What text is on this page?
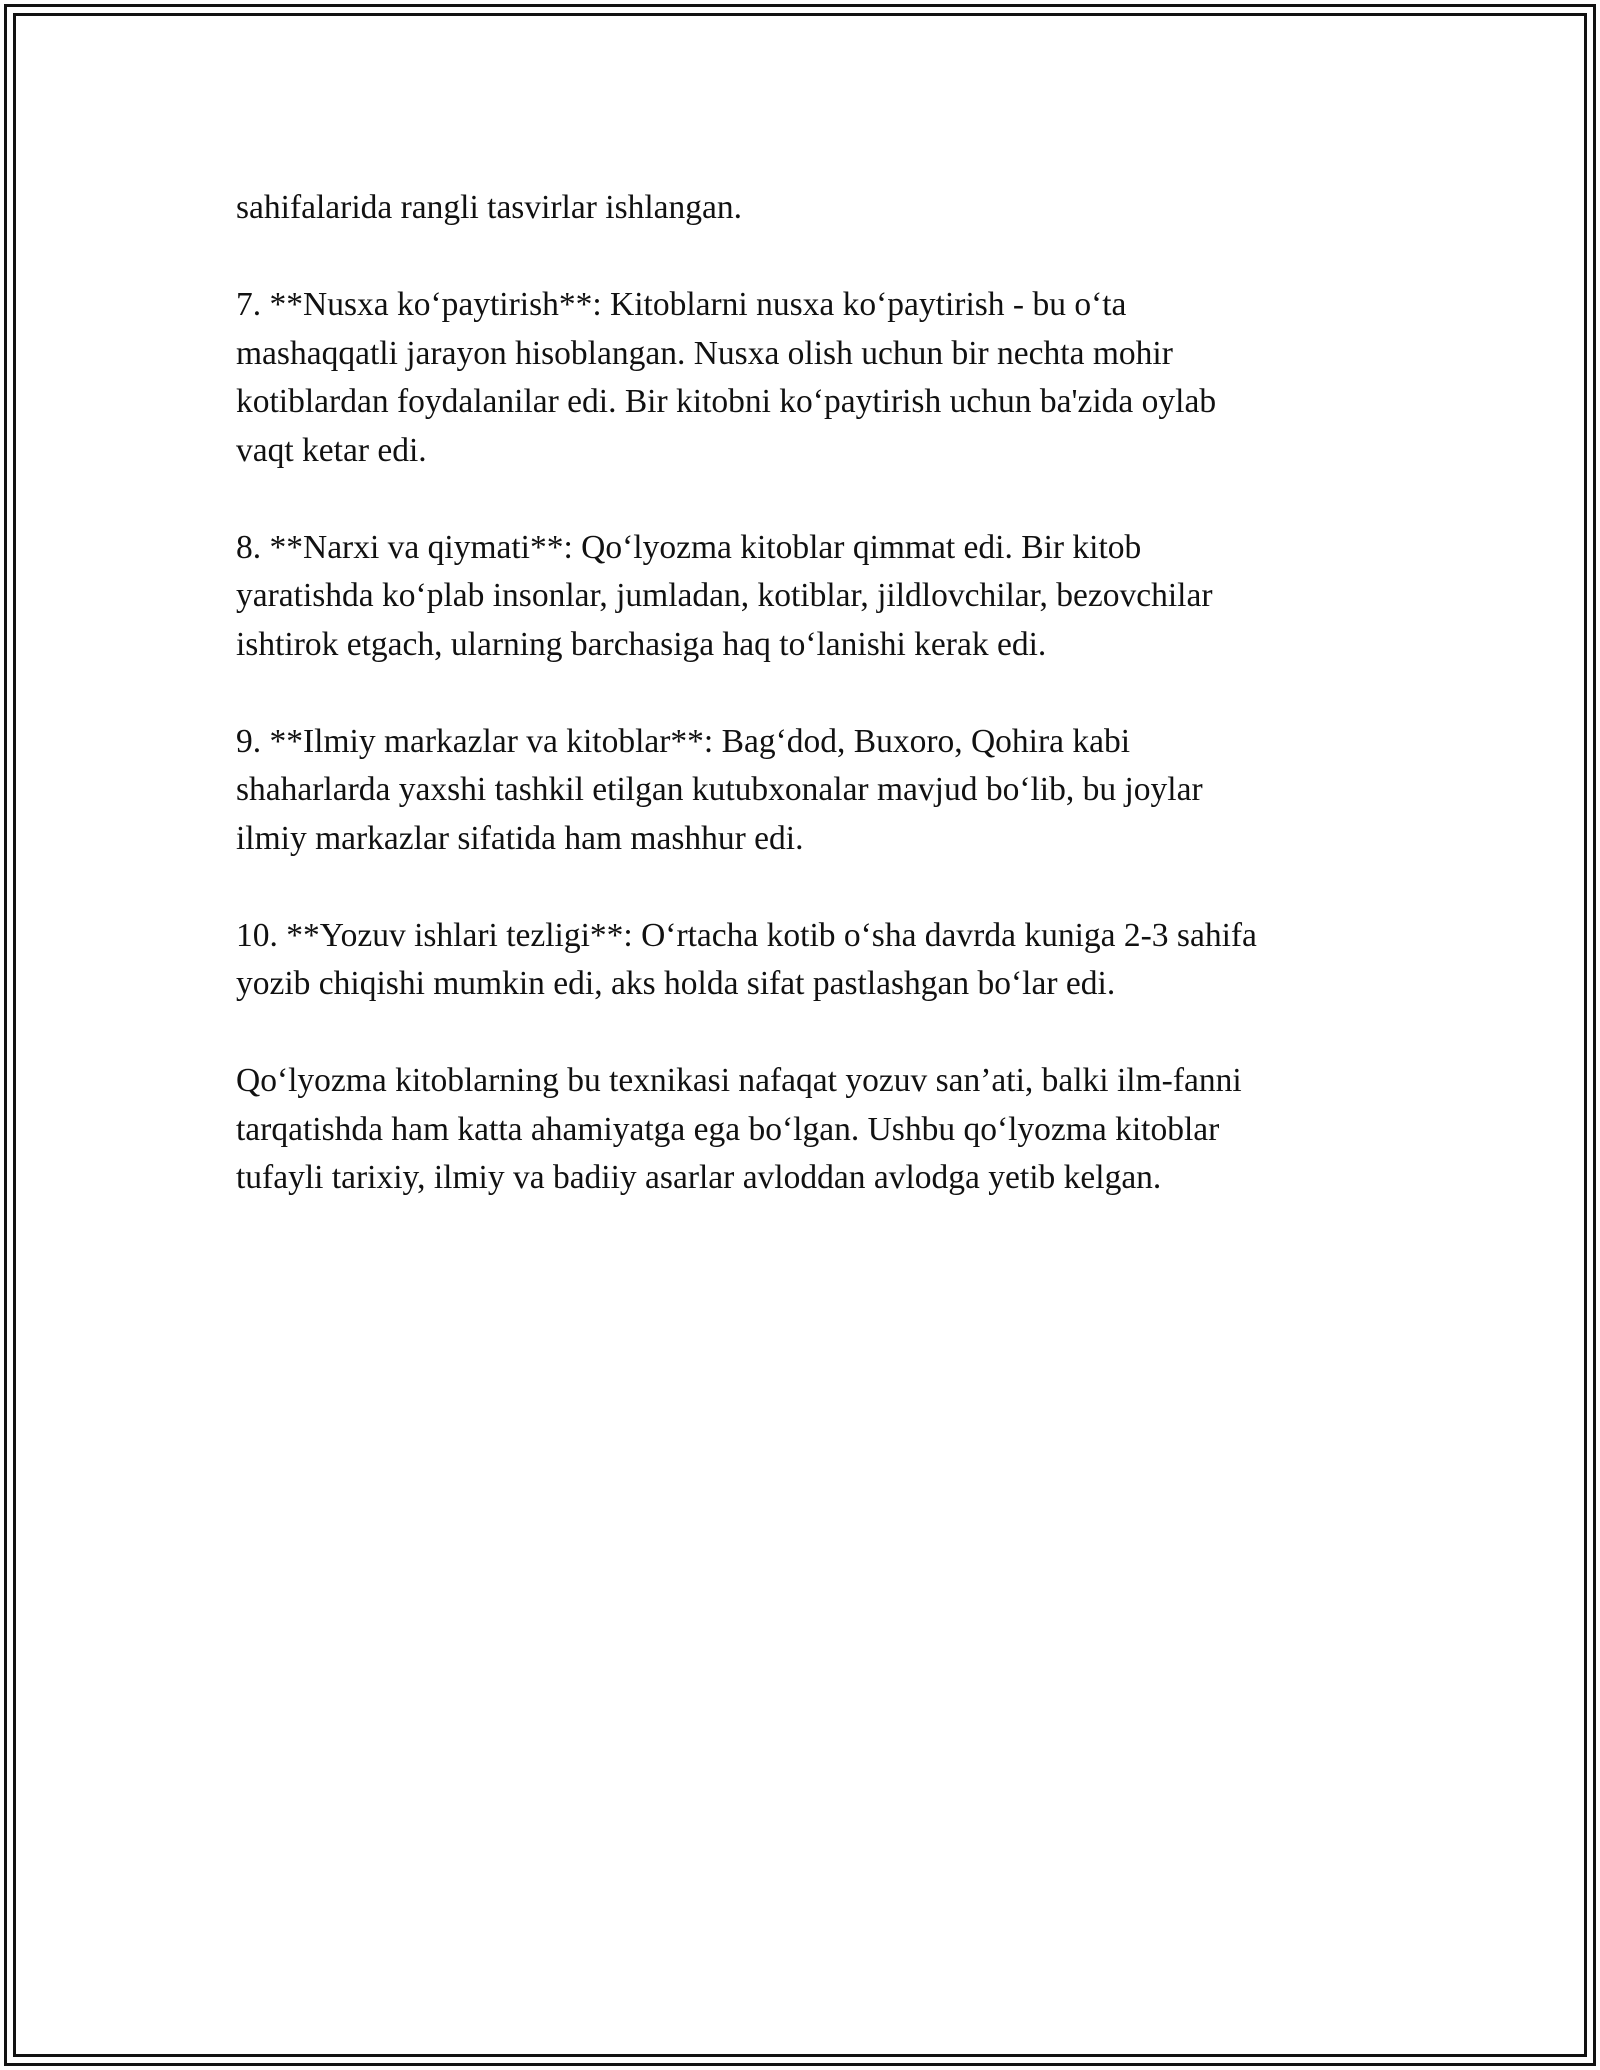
sahifalarida rangli tasvirlar ishlangan.

7. **Nusxa ko‘paytirish**: Kitoblarni nusxa ko‘paytirish - bu o‘ta
mashaqqatli jarayon hisoblangan. Nusxa olish uchun bir nechta mohir
kotiblardan foydalanilar edi. Bir kitobni ko‘paytirish uchun ba'zida oylab
vaqt ketar edi.

8. **Narxi va qiymati**: Qo‘lyozma kitoblar qimmat edi. Bir kitob
yaratishda ko‘plab insonlar, jumladan, kotiblar, jildlovchilar, bezovchilar
ishtirok etgach, ularning barchasiga haq to‘lanishi kerak edi.

9. **Ilmiy markazlar va kitoblar**: Bag‘dod, Buxoro, Qohira kabi
shaharlarda yaxshi tashkil etilgan kutubxonalar mavjud bo‘lib, bu joylar
ilmiy markazlar sifatida ham mashhur edi.

10. **Yozuv ishlari tezligi**: O‘rtacha kotib o‘sha davrda kuniga 2-3 sahifa
yozib chiqishi mumkin edi, aks holda sifat pastlashgan bo‘lar edi.

Qo‘lyozma kitoblarning bu texnikasi nafaqat yozuv san’ati, balki ilm-fanni
tarqatishda ham katta ahamiyatga ega bo‘lgan. Ushbu qo‘lyozma kitoblar
tufayli tarixiy, ilmiy va badiiy asarlar avloddan avlodga yetib kelgan.
